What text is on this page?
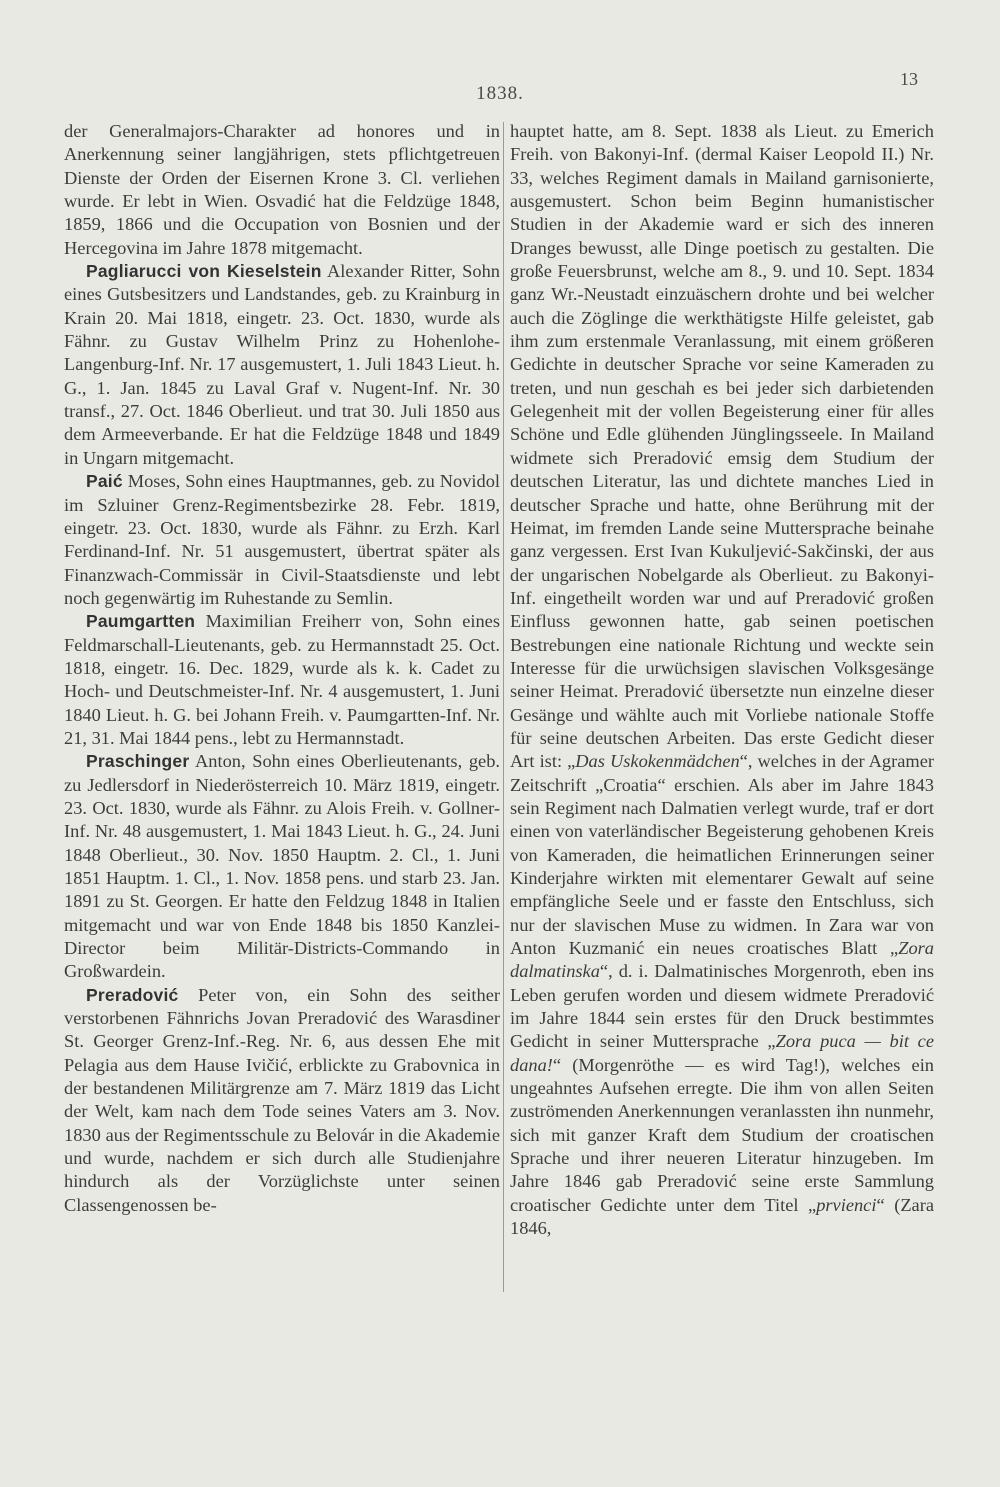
1838.
13

der Generalmajors-Charakter ad honores und in Anerkennung seiner langjährigen, stets pflichtgetreuen Dienste der Orden der Eisernen Krone 3. Cl. verliehen wurde. Er lebt in Wien. Osvadić hat die Feldzüge 1848, 1859, 1866 und die Occupation von Bosnien und der Hercegovina im Jahre 1878 mitgemacht.

Pagliarucci von Kieselstein Alexander Ritter, Sohn eines Gutsbesitzers und Landstandes, geb. zu Krainburg in Krain 20. Mai 1818, eingetr. 23. Oct. 1830, wurde als Fähnr. zu Gustav Wilhelm Prinz zu Hohenlohe-Langenburg-Inf. Nr. 17 ausgemustert, 1. Juli 1843 Lieut. h. G., 1. Jan. 1845 zu Laval Graf v. Nugent-Inf. Nr. 30 transf., 27. Oct. 1846 Oberlieut. und trat 30. Juli 1850 aus dem Armeeverbande. Er hat die Feldzüge 1848 und 1849 in Ungarn mitgemacht.

Paić Moses, Sohn eines Hauptmannes, geb. zu Novidol im Szluiner Grenz-Regimentsbezirke 28. Febr. 1819, eingetr. 23. Oct. 1830, wurde als Fähnr. zu Erzh. Karl Ferdinand-Inf. Nr. 51 ausgemustert, übertrat später als Finanzwach-Commissär in Civil-Staatsdienste und lebt noch gegenwärtig im Ruhestande zu Semlin.

Paumgartten Maximilian Freiherr von, Sohn eines Feldmarschall-Lieutenants, geb. zu Hermannstadt 25. Oct. 1818, eingetr. 16. Dec. 1829, wurde als k. k. Cadet zu Hoch- und Deutschmeister-Inf. Nr. 4 ausgemustert, 1. Juni 1840 Lieut. h. G. bei Johann Freih. v. Paumgartten-Inf. Nr. 21, 31. Mai 1844 pens., lebt zu Hermannstadt.

Praschinger Anton, Sohn eines Oberlieutenants, geb. zu Jedlersdorf in Niederösterreich 10. März 1819, eingetr. 23. Oct. 1830, wurde als Fähnr. zu Alois Freih. v. Gollner-Inf. Nr. 48 ausgemustert, 1. Mai 1843 Lieut. h. G., 24. Juni 1848 Oberlieut., 30. Nov. 1850 Hauptm. 2. Cl., 1. Juni 1851 Hauptm. 1. Cl., 1. Nov. 1858 pens. und starb 23. Jan. 1891 zu St. Georgen. Er hatte den Feldzug 1848 in Italien mitgemacht und war von Ende 1848 bis 1850 Kanzlei-Director beim Militär-Districts-Commando in Großwardein.

Preradović Peter von, ein Sohn des seither verstorbenen Fähnrichs Jovan Preradović des Warasdiner St. Georger Grenz-Inf.-Reg. Nr. 6, aus dessen Ehe mit Pelagia aus dem Hause Ivičić, erblickte zu Grabovnica in der bestandenen Militärgrenze am 7. März 1819 das Licht der Welt, kam nach dem Tode seines Vaters am 3. Nov. 1830 aus der Regimentsschule zu Belovár in die Akademie und wurde, nachdem er sich durch alle Studienjahre hindurch als der Vorzüglichste unter seinen Classengenossen be-

hauptet hatte, am 8. Sept. 1838 als Lieut. zu Emerich Freih. von Bakonyi-Inf. (dermal Kaiser Leopold II.) Nr. 33, welches Regiment damals in Mailand garnisonierte, ausgemustert. Schon beim Beginn humanistischer Studien in der Akademie ward er sich des inneren Dranges bewusst, alle Dinge poetisch zu gestalten. Die große Feuersbrunst, welche am 8., 9. und 10. Sept. 1834 ganz Wr.-Neustadt einzuäschern drohte und bei welcher auch die Zöglinge die werkthätigste Hilfe geleistet, gab ihm zum erstenmale Veranlassung, mit einem größeren Gedichte in deutscher Sprache vor seine Kameraden zu treten, und nun geschah es bei jeder sich darbietenden Gelegenheit mit der vollen Begeisterung einer für alles Schöne und Edle glühenden Jünglingsseele. In Mailand widmete sich Preradović emsig dem Studium der deutschen Literatur, las und dichtete manches Lied in deutscher Sprache und hatte, ohne Berührung mit der Heimat, im fremden Lande seine Muttersprache beinahe ganz vergessen. Erst Ivan Kukuljević-Sakčinski, der aus der ungarischen Nobelgarde als Oberlieut. zu Bakonyi-Inf. eingetheilt worden war und auf Preradović großen Einfluss gewonnen hatte, gab seinen poetischen Bestrebungen eine nationale Richtung und weckte sein Interesse für die urwüchsigen slavischen Volksgesänge seiner Heimat. Preradović übersetzte nun einzelne dieser Gesänge und wählte auch mit Vorliebe nationale Stoffe für seine deutschen Arbeiten. Das erste Gedicht dieser Art ist: „Das Uskokenmädchen“, welches in der Agramer Zeitschrift „Croatia“ erschien. Als aber im Jahre 1843 sein Regiment nach Dalmatien verlegt wurde, traf er dort einen von vaterländischer Begeisterung gehobenen Kreis von Kameraden, die heimatlichen Erinnerungen seiner Kinderjahre wirkten mit elementarer Gewalt auf seine empfängliche Seele und er fasste den Entschluss, sich nur der slavischen Muse zu widmen. In Zara war von Anton Kuzmanić ein neues croatisches Blatt „Zora dalmatinska“, d. i. Dalmatinisches Morgenroth, eben ins Leben gerufen worden und diesem widmete Preradović im Jahre 1844 sein erstes für den Druck bestimmtes Gedicht in seiner Muttersprache „Zora puca — bit ce dana!“ (Morgenröthe — es wird Tag!), welches ein ungeahntes Aufsehen erregte. Die ihm von allen Seiten zuströmenden Anerkennungen veranlassten ihn nunmehr, sich mit ganzer Kraft dem Studium der croatischen Sprache und ihrer neueren Literatur hinzugeben. Im Jahre 1846 gab Preradović seine erste Sammlung croatischer Gedichte unter dem Titel „prvienci“ (Zara 1846,
